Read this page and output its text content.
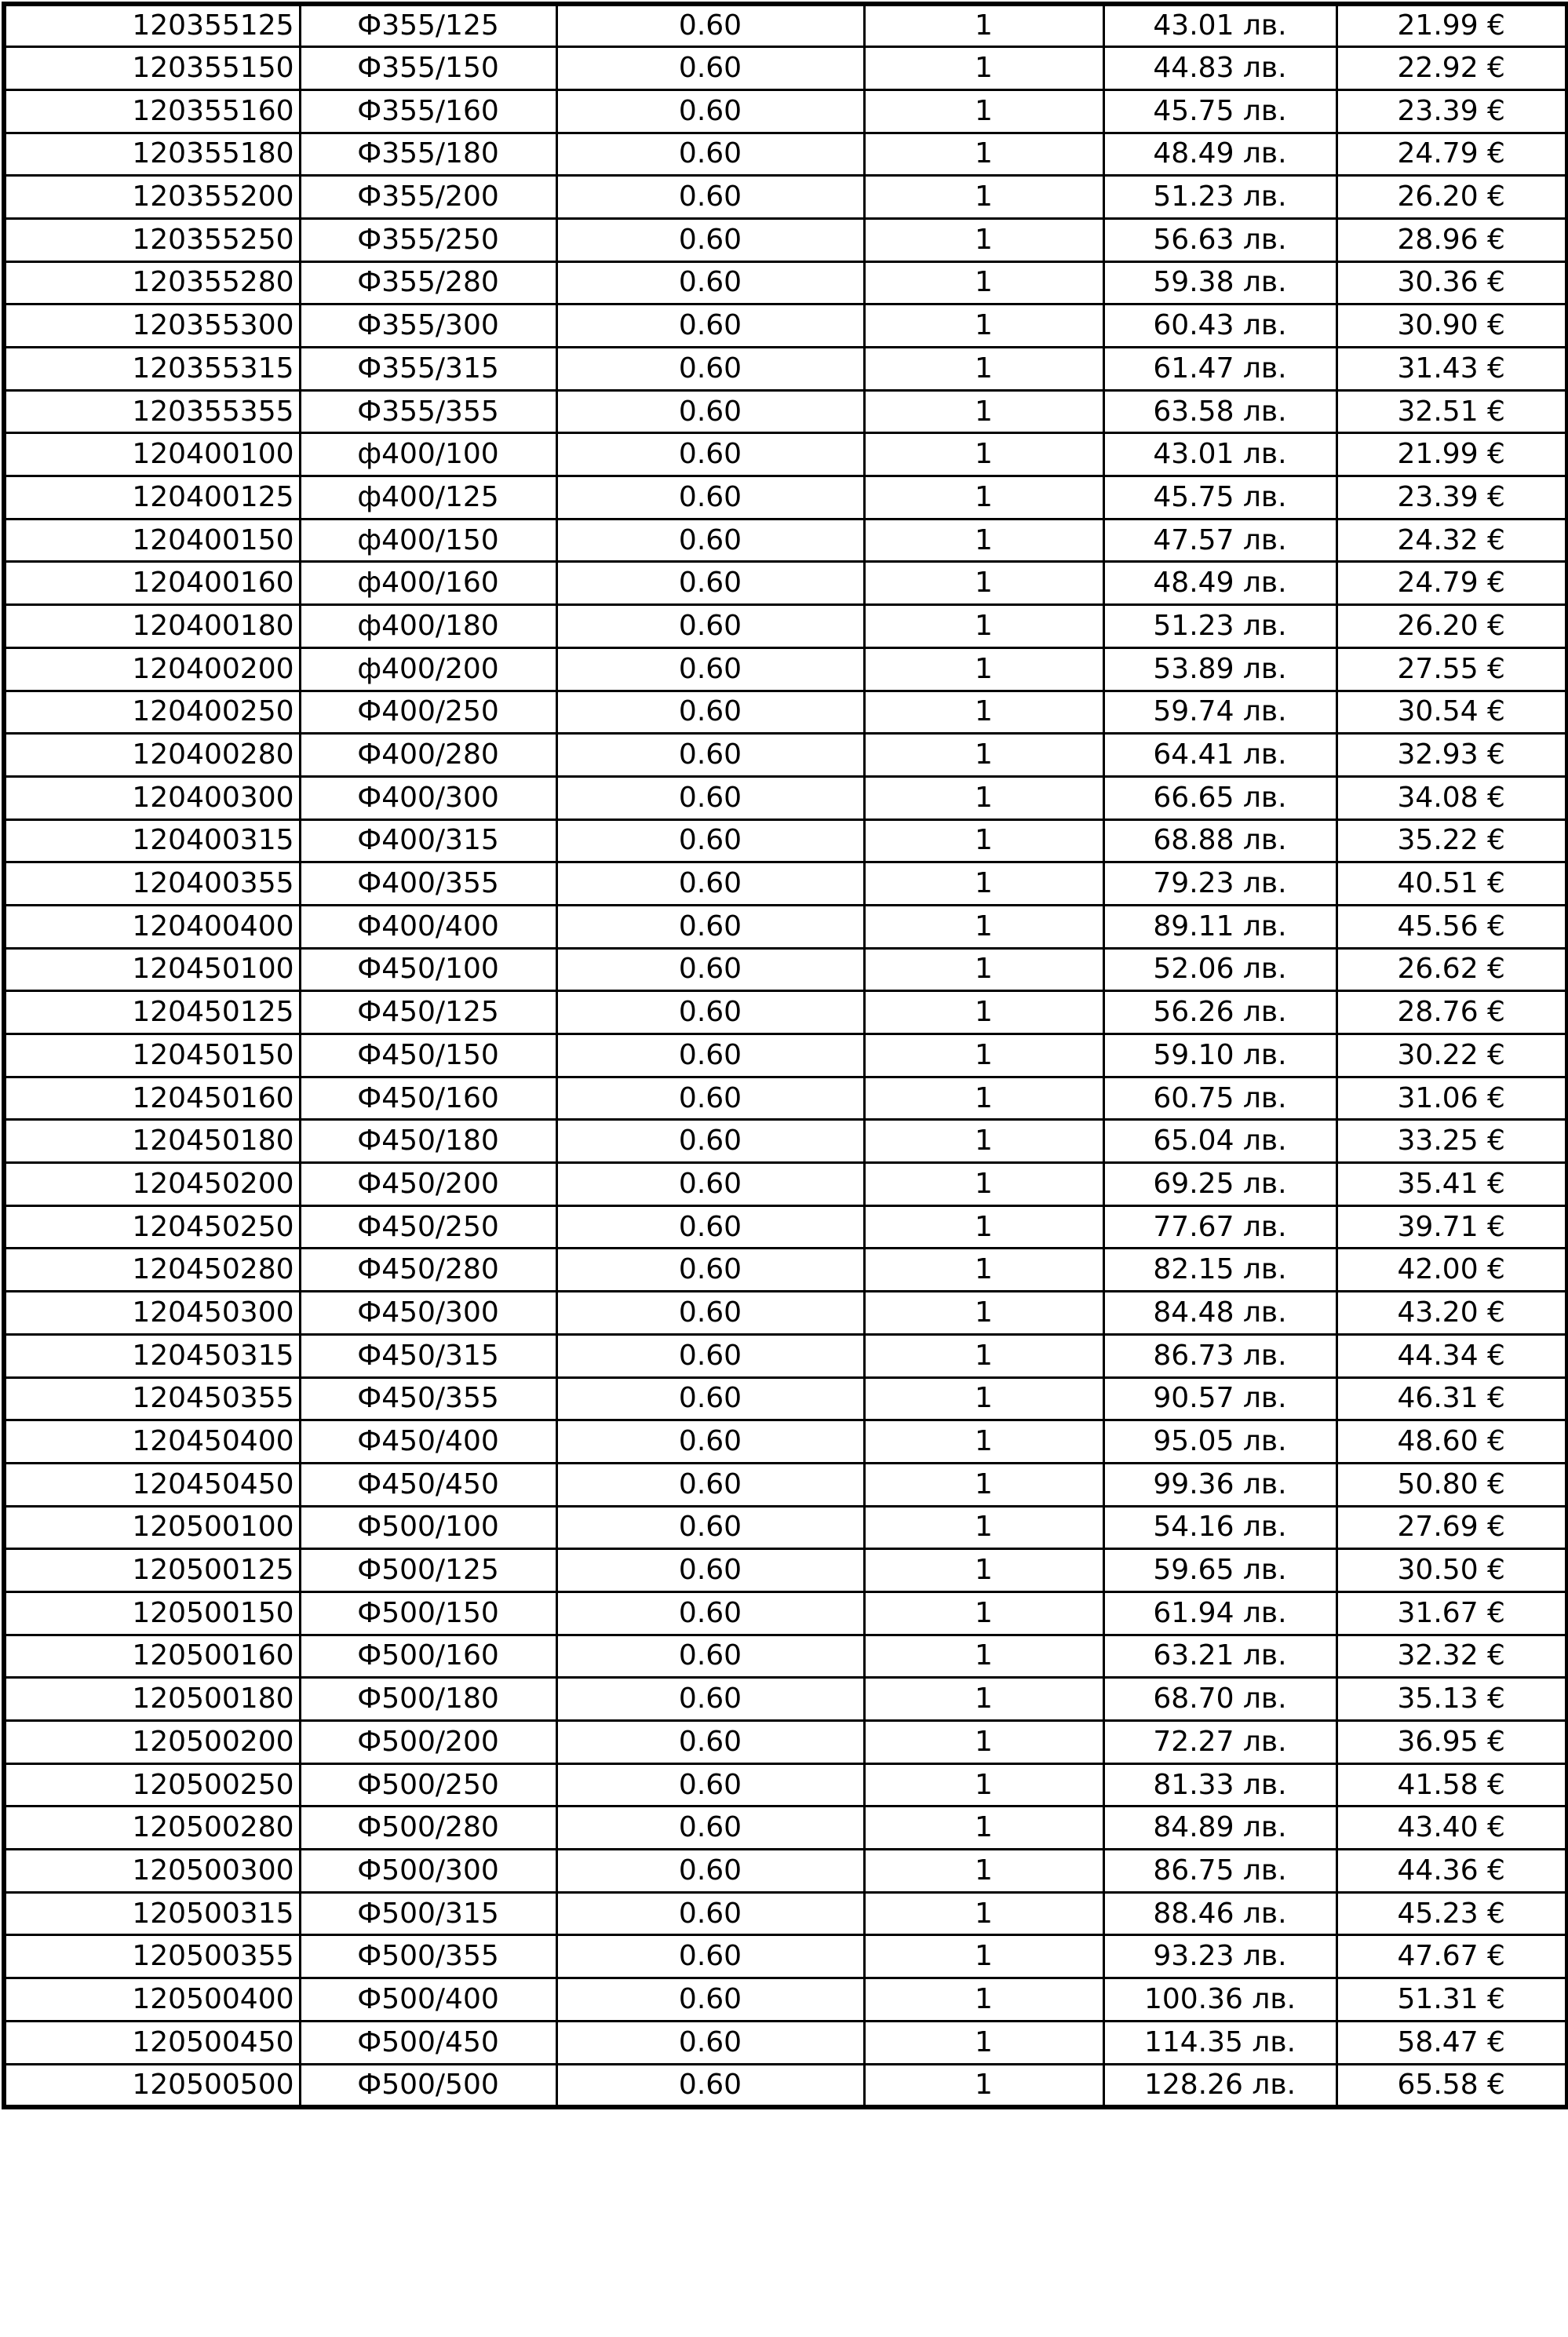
120355125	Ф355/125	0.60	1	43.01 лв.	21.99 €
120355150	Ф355/150	0.60	1	44.83 лв.	22.92 €
120355160	Ф355/160	0.60	1	45.75 лв.	23.39 €
120355180	Ф355/180	0.60	1	48.49 лв.	24.79 €
120355200	Ф355/200	0.60	1	51.23 лв.	26.20 €
120355250	Ф355/250	0.60	1	56.63 лв.	28.96 €
120355280	Ф355/280	0.60	1	59.38 лв.	30.36 €
120355300	Ф355/300	0.60	1	60.43 лв.	30.90 €
120355315	Ф355/315	0.60	1	61.47 лв.	31.43 €
120355355	Ф355/355	0.60	1	63.58 лв.	32.51 €
120400100	ф400/100	0.60	1	43.01 лв.	21.99 €
120400125	ф400/125	0.60	1	45.75 лв.	23.39 €
120400150	ф400/150	0.60	1	47.57 лв.	24.32 €
120400160	ф400/160	0.60	1	48.49 лв.	24.79 €
120400180	ф400/180	0.60	1	51.23 лв.	26.20 €
120400200	ф400/200	0.60	1	53.89 лв.	27.55 €
120400250	Ф400/250	0.60	1	59.74 лв.	30.54 €
120400280	Ф400/280	0.60	1	64.41 лв.	32.93 €
120400300	Ф400/300	0.60	1	66.65 лв.	34.08 €
120400315	Ф400/315	0.60	1	68.88 лв.	35.22 €
120400355	Ф400/355	0.60	1	79.23 лв.	40.51 €
120400400	Ф400/400	0.60	1	89.11 лв.	45.56 €
120450100	Ф450/100	0.60	1	52.06 лв.	26.62 €
120450125	Ф450/125	0.60	1	56.26 лв.	28.76 €
120450150	Ф450/150	0.60	1	59.10 лв.	30.22 €
120450160	Ф450/160	0.60	1	60.75 лв.	31.06 €
120450180	Ф450/180	0.60	1	65.04 лв.	33.25 €
120450200	Ф450/200	0.60	1	69.25 лв.	35.41 €
120450250	Ф450/250	0.60	1	77.67 лв.	39.71 €
120450280	Ф450/280	0.60	1	82.15 лв.	42.00 €
120450300	Ф450/300	0.60	1	84.48 лв.	43.20 €
120450315	Ф450/315	0.60	1	86.73 лв.	44.34 €
120450355	Ф450/355	0.60	1	90.57 лв.	46.31 €
120450400	Ф450/400	0.60	1	95.05 лв.	48.60 €
120450450	Ф450/450	0.60	1	99.36 лв.	50.80 €
120500100	Ф500/100	0.60	1	54.16 лв.	27.69 €
120500125	Ф500/125	0.60	1	59.65 лв.	30.50 €
120500150	Ф500/150	0.60	1	61.94 лв.	31.67 €
120500160	Ф500/160	0.60	1	63.21 лв.	32.32 €
120500180	Ф500/180	0.60	1	68.70 лв.	35.13 €
120500200	Ф500/200	0.60	1	72.27 лв.	36.95 €
120500250	Ф500/250	0.60	1	81.33 лв.	41.58 €
120500280	Ф500/280	0.60	1	84.89 лв.	43.40 €
120500300	Ф500/300	0.60	1	86.75 лв.	44.36 €
120500315	Ф500/315	0.60	1	88.46 лв.	45.23 €
120500355	Ф500/355	0.60	1	93.23 лв.	47.67 €
120500400	Ф500/400	0.60	1	100.36 лв.	51.31 €
120500450	Ф500/450	0.60	1	114.35 лв.	58.47 €
120500500	Ф500/500	0.60	1	128.26 лв.	65.58 €
